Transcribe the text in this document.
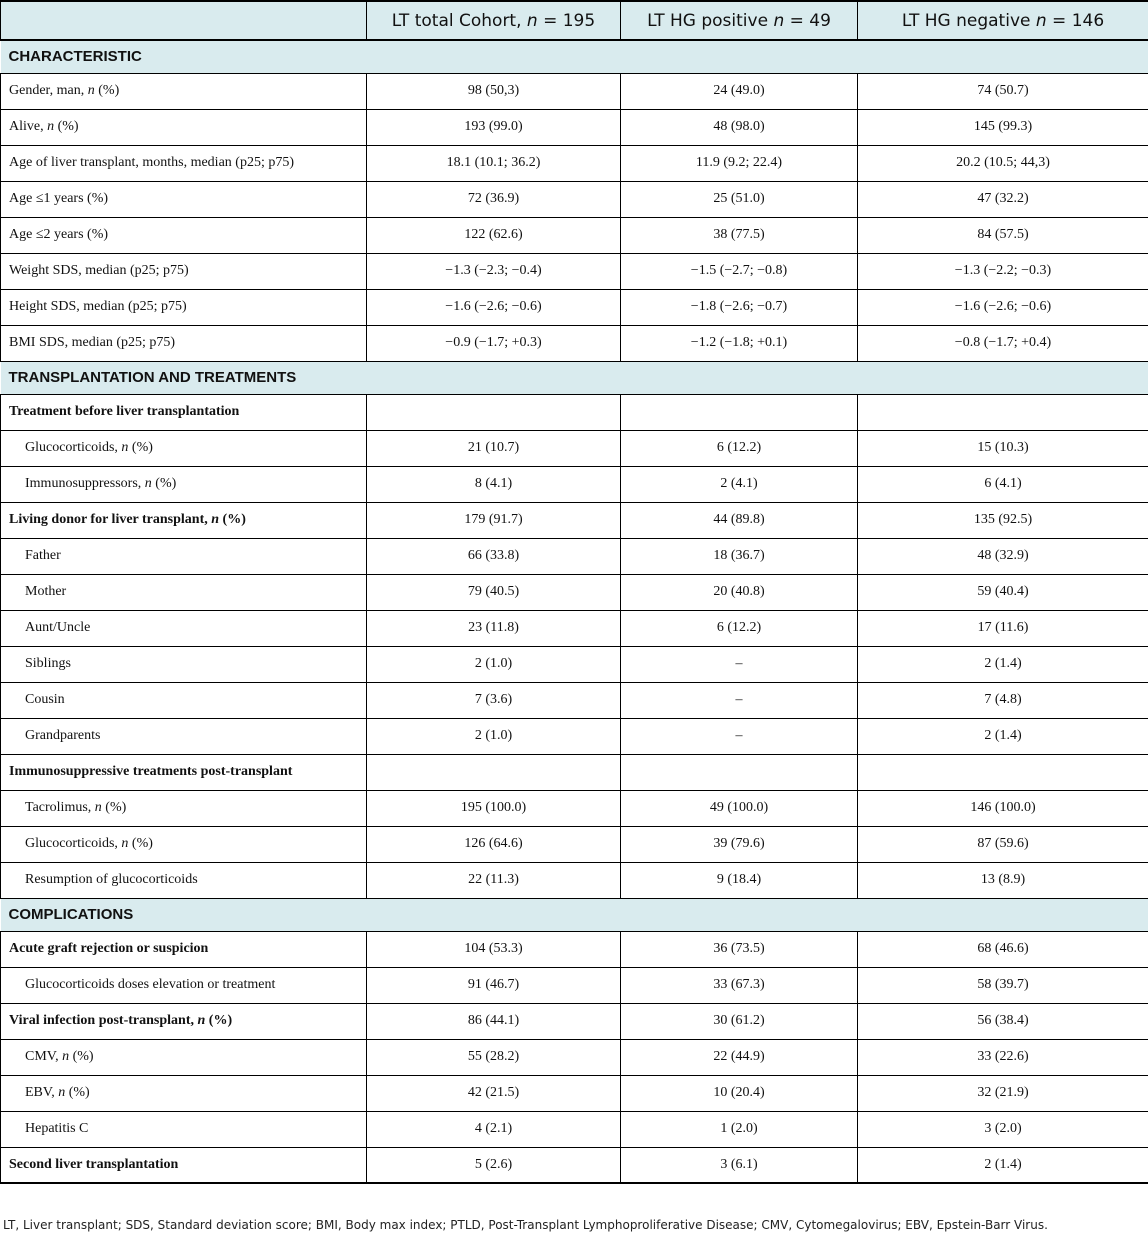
	LT total Cohort, n = 195	LT HG positive n = 49	LT HG negative n = 146
CHARACTERISTIC			
Gender, man, n (%)	98 (50,3)	24 (49.0)	74 (50.7)
Alive, n (%)	193 (99.0)	48 (98.0)	145 (99.3)
Age of liver transplant, months, median (p25; p75)	18.1 (10.1; 36.2)	11.9 (9.2; 22.4)	20.2 (10.5; 44,3)
Age ≤1 years (%)	72 (36.9)	25 (51.0)	47 (32.2)
Age ≤2 years (%)	122 (62.6)	38 (77.5)	84 (57.5)
Weight SDS, median (p25; p75)	−1.3 (−2.3; −0.4)	−1.5 (−2.7; −0.8)	−1.3 (−2.2; −0.3)
Height SDS, median (p25; p75)	−1.6 (−2.6; −0.6)	−1.8 (−2.6; −0.7)	−1.6 (−2.6; −0.6)
BMI SDS, median (p25; p75)	−0.9 (−1.7; +0.3)	−1.2 (−1.8; +0.1)	−0.8 (−1.7; +0.4)
TRANSPLANTATION AND TREATMENTS			
Treatment before liver transplantation			
Glucocorticoids, n (%)	21 (10.7)	6 (12.2)	15 (10.3)
Immunosuppressors, n (%)	8 (4.1)	2 (4.1)	6 (4.1)
Living donor for liver transplant, n (%)	179 (91.7)	44 (89.8)	135 (92.5)
Father	66 (33.8)	18 (36.7)	48 (32.9)
Mother	79 (40.5)	20 (40.8)	59 (40.4)
Aunt/Uncle	23 (11.8)	6 (12.2)	17 (11.6)
Siblings	2 (1.0)	–	2 (1.4)
Cousin	7 (3.6)	–	7 (4.8)
Grandparents	2 (1.0)	–	2 (1.4)
Immunosuppressive treatments post-transplant			
Tacrolimus, n (%)	195 (100.0)	49 (100.0)	146 (100.0)
Glucocorticoids, n (%)	126 (64.6)	39 (79.6)	87 (59.6)
Resumption of glucocorticoids	22 (11.3)	9 (18.4)	13 (8.9)
COMPLICATIONS			
Acute graft rejection or suspicion	104 (53.3)	36 (73.5)	68 (46.6)
Glucocorticoids doses elevation or treatment	91 (46.7)	33 (67.3)	58 (39.7)
Viral infection post-transplant, n (%)	86 (44.1)	30 (61.2)	56 (38.4)
CMV, n (%)	55 (28.2)	22 (44.9)	33 (22.6)
EBV, n (%)	42 (21.5)	10 (20.4)	32 (21.9)
Hepatitis C	4 (2.1)	1 (2.0)	3 (2.0)
Second liver transplantation	5 (2.6)	3 (6.1)	2 (1.4)
LT, Liver transplant; SDS, Standard deviation score; BMI, Body max index; PTLD, Post-Transplant Lymphoproliferative Disease; CMV, Cytomegalovirus; EBV, Epstein-Barr Virus.
